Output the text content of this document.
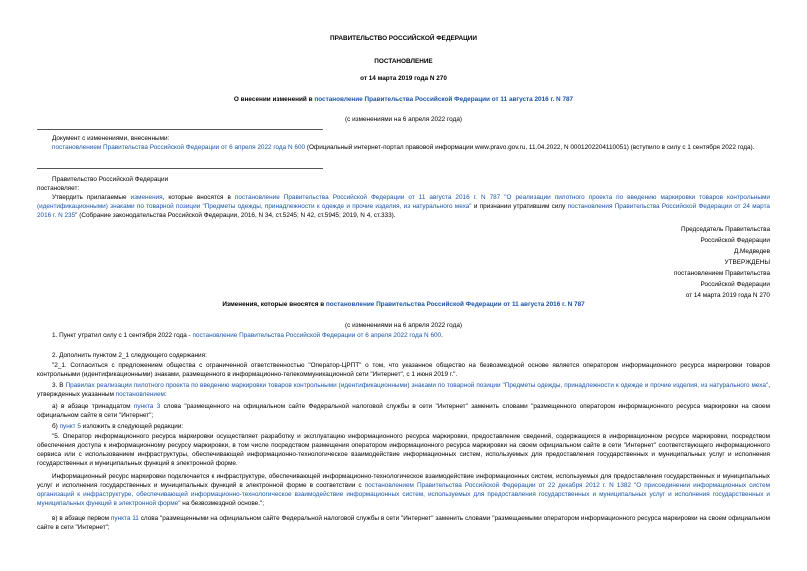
ПРАВИТЕЛЬСТВО РОССИЙСКОЙ ФЕДЕРАЦИИ
ПОСТАНОВЛЕНИЕ
от 14 марта 2019 года N 270
О внесении изменений в постановление Правительства Российской Федерации от 11 августа 2016 г. N 787
(с изменениями на 6 апреля 2022 года)
Документ с изменениями, внесенными:
постановлением Правительства Российской Федерации от 6 апреля 2022 года N 600 (Официальный интернет-портал правовой информации www.pravo.gov.ru, 11.04.2022, N 0001202204110051) (вступило в силу с 1 сентября 2022 года).
Правительство Российской Федерации
постановляет:
Утвердить прилагаемые изменения, которые вносятся в постановление Правительства Российской Федерации от 11 августа 2016 г. N 787 "О реализации пилотного проекта по введению маркировки товаров контрольными (идентификационными) знаками по товарной позиции "Предметы одежды, принадлежности к одежде и прочие изделия, из натурального меха" и признании утратившим силу постановления Правительства Российской Федерации от 24 марта 2016 г. N 235" (Собрание законодательства Российской Федерации, 2016, N 34, ст.5245; N 42, ст.5945; 2019, N 4, ст.333).
Председатель Правительства
Российской Федерации
Д.Медведев
УТВЕРЖДЕНЫ
постановлением Правительства
Российской Федерации
от 14 марта 2019 года N 270
Изменения, которые вносятся в постановление Правительства Российской Федерации от 11 августа 2016 г. N 787
(с изменениями на 6 апреля 2022 года)
1. Пункт утратил силу с 1 сентября 2022 года - постановление Правительства Российской Федерации от 6 апреля 2022 года N 600.
2. Дополнить пунктом 2_1 следующего содержания:
"2_1. Согласиться с предложением общества с ограниченной ответственностью "Оператор-ЦРПТ" о том, что указанное общество на безвозмездной основе является оператором информационного ресурса маркировки товаров контрольными (идентификационными) знаками, размещенного в информационно-телекоммуникационной сети "Интернет", с 1 июня 2019 г.".
3. В Правилах реализации пилотного проекта по введению маркировки товаров контрольными (идентификационными) знаками по товарной позиции "Предметы одежды, принадлежности к одежде и прочие изделия, из натурального меха", утвержденных указанным постановлением:
а) в абзаце тринадцатом пункта 3 слова "размещенного на официальном сайте Федеральной налоговой службы в сети "Интернет" заменить словами "размещенного оператором информационного ресурса маркировки на своем официальном сайте в сети "Интернет";
б) пункт 5 изложить в следующей редакции:
"5. Оператор информационного ресурса маркировки осуществляет разработку и эксплуатацию информационного ресурса маркировки, предоставление сведений, содержащихся в информационном ресурсе маркировки, посредством обеспечения доступа к информационному ресурсу маркировки, в том числе посредством размещения оператором информационного ресурса маркировки на своем официальном сайте в сети "Интернет" соответствующего информационного сервиса или с использованием инфраструктуры, обеспечивающей информационно-технологическое взаимодействие информационных систем, используемых для предоставления государственных и муниципальных услуг и исполнения государственных и муниципальных функций в электронной форме.
Информационный ресурс маркировки подключается к инфраструктуре, обеспечивающей информационно-технологическое взаимодействие информационных систем, используемых для предоставления государственных и муниципальных услуг и исполнения государственных и муниципальных функций в электронной форме в соответствии с постановлением Правительства Российской Федерации от 22 декабря 2012 г. N 1382 "О присоединении информационных систем организаций к инфраструктуре, обеспечивающей информационно-технологическое взаимодействие информационных систем, используемых для предоставления государственных и муниципальных услуг и исполнения государственных и муниципальных функций в электронной форме" на безвозмездной основе.";
в) в абзаце первом пункта 11 слова "размещенными на официальном сайте Федеральной налоговой службы в сети "Интернет" заменить словами "размещаемыми оператором информационного ресурса маркировки на своем официальном сайте в сети "Интернет";
